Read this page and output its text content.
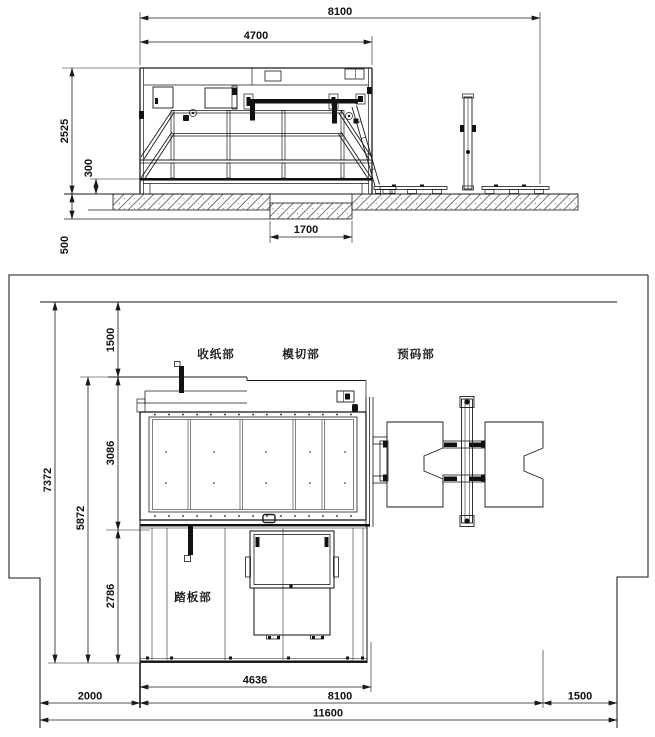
8100
4700
2525
300
500
1700
收纸部	模切部	预码部
踏板部
1500
3086
2786
5872
7372
4636
2000	8100	1500
11600
